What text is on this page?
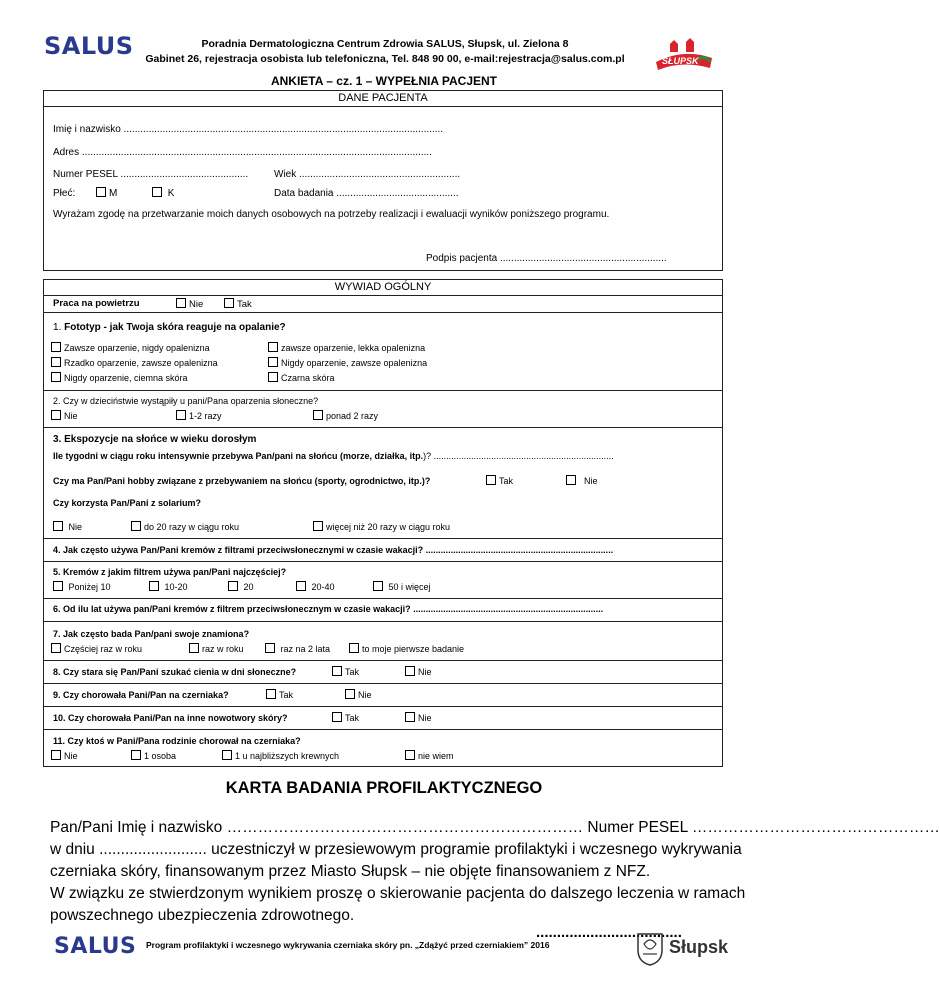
SALUS	Poradnia Dermatologiczna Centrum Zdrowia SALUS, Słupsk, ul. Zielona 8
Gabinet 26, rejestracja osobista lub telefoniczna, Tel. 848 90 00, e-mail:rejestracja@salus.com.pl	SŁUPSK
ANKIETA – cz. 1 – WYPEŁNIA PACJENT
DANE PACJENTA
Imię i nazwisko ...................................................................................................................
Adres ..............................................................................................................................
Numer PESEL ..............................................	Wiek ..........................................................
Płeć:	M	K	Data badania ............................................
Wyrażam zgodę na przetwarzanie moich danych osobowych na potrzeby realizacji i ewaluacji wyników poniższego programu.
Podpis pacjenta ............................................................
WYWIAD OGÓLNY
Praca na powietrzu	Nie	Tak
1. Fototyp - jak Twoja skóra reaguje na opalanie?
Zawsze oparzenie, nigdy opalenizna
Rzadko oparzenie, zawsze opalenizna
Nigdy oparzenie, ciemna skóra
zawsze oparzenie, lekka opalenizna
Nigdy oparzenie, zawsze opalenizna
Czarna skóra
2. Czy w dzieciństwie wystąpiły u pani/Pana oparzenia słoneczne?
Nie	1-2 razy	ponad 2 razy
3. Ekspozycje na słońce w wieku dorosłym
Ile tygodni w ciągu roku intensywnie przebywa Pan/pani na słońcu (morze, działka, itp.)? ........................................................................
Czy ma Pan/Pani hobby związane z przebywaniem na słońcu (sporty, ogrodnictwo, itp.)?	Tak	Nie
Czy korzysta Pan/Pani z solarium?
Nie	do 20 razy w ciągu roku	więcej niż 20 razy w ciągu roku
4. Jak często używa Pan/Pani kremów z filtrami przeciwsłonecznymi w czasie wakacji? ...........................................................................
5. Kremów z jakim filtrem używa pan/Pani najczęściej?
Poniżej 10	10-20	20	20-40	50 i więcej
6. Od ilu lat używa pan/Pani kremów z filtrem przeciwsłonecznym w czasie wakacji? ............................................................................
7. Jak często bada Pan/pani swoje znamiona?
Częściej raz w roku	raz w roku	raz na 2 lata	to moje pierwsze badanie
8. Czy stara się Pan/Pani szukać cienia w dni słoneczne?	Tak	Nie
9. Czy chorowała Pani/Pan na czerniaka?	Tak	Nie
10. Czy chorowała Pani/Pan na inne nowotwory skóry?	Tak	Nie
11. Czy ktoś w Pani/Pana rodzinie chorował na czerniaka?
Nie	1 osoba	1 u najbliższych krewnych	nie wiem
KARTA BADANIA PROFILAKTYCZNEGO
Pan/Pani Imię i nazwisko …………………………………………………………… Numer PESEL …………………………………………
w dniu ......................... uczestniczył w przesiewowym programie profilaktyki i wczesnego wykrywania
czerniaka skóry, finansowanym przez Miasto Słupsk – nie objęte finansowaniem z NFZ.
W związku ze stwierdzonym wynikiem proszę o skierowanie pacjenta do dalszego leczenia w ramach
powszechnego ubezpieczenia zdrowotnego.
...................................
SALUS Program profilaktyki i wczesnego wykrywania czerniaka skóry pn. „Zdążyć przed czerniakiem” 2016	Słupsk
